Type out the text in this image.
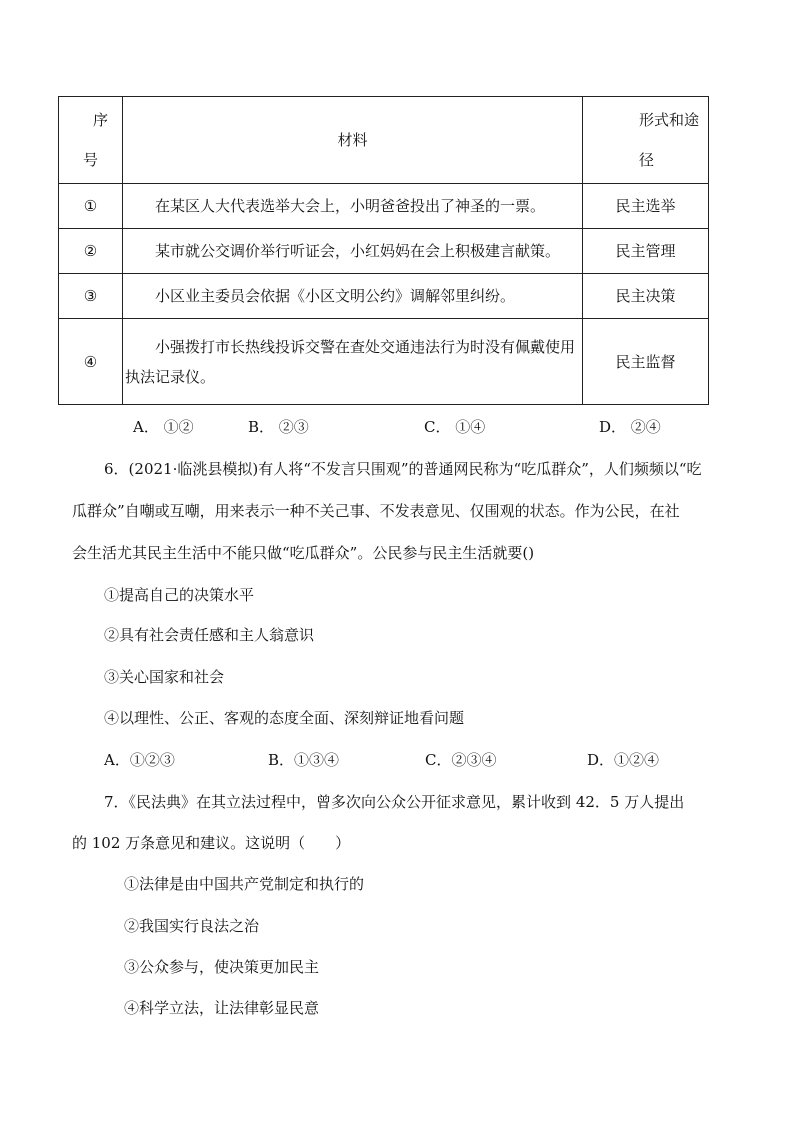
序
号	材料	形式和途
径

①	在某区人大代表选举大会上，小明爸爸投出了神圣的一票。	民主选举
②	某市就公交调价举行听证会，小红妈妈在会上积极建言献策。	民主管理
③	小区业主委员会依据《小区文明公约》调解邻里纠纷。	民主决策
④	小强拨打市长热线投诉交警在查处交通违法行为时没有佩戴使用执法记录仪。	民主监督
A． ①②	B． ②③	C． ①④	D． ②④
6．(2021·临洮县模拟)有人将“不发言只围观”的普通网民称为“吃瓜群众”，人们频频以“吃
瓜群众”自嘲或互嘲，用来表示一种不关己事、不发表意见、仅围观的状态。作为公民，在社
会生活尤其民主生活中不能只做“吃瓜群众”。公民参与民主生活就要()
①提高自己的决策水平
②具有社会责任感和主人翁意识
③关心国家和社会
④以理性、公正、客观的态度全面、深刻辩证地看问题
A．①②③	B．①③④	C．②③④	D．①②④
7．《民法典》在其立法过程中，曾多次向公众公开征求意见，累计收到 42．5 万人提出
的 102 万条意见和建议。这说明（　　）
①法律是由中国共产党制定和执行的
②我国实行良法之治
③公众参与，使决策更加民主
④科学立法，让法律彰显民意
